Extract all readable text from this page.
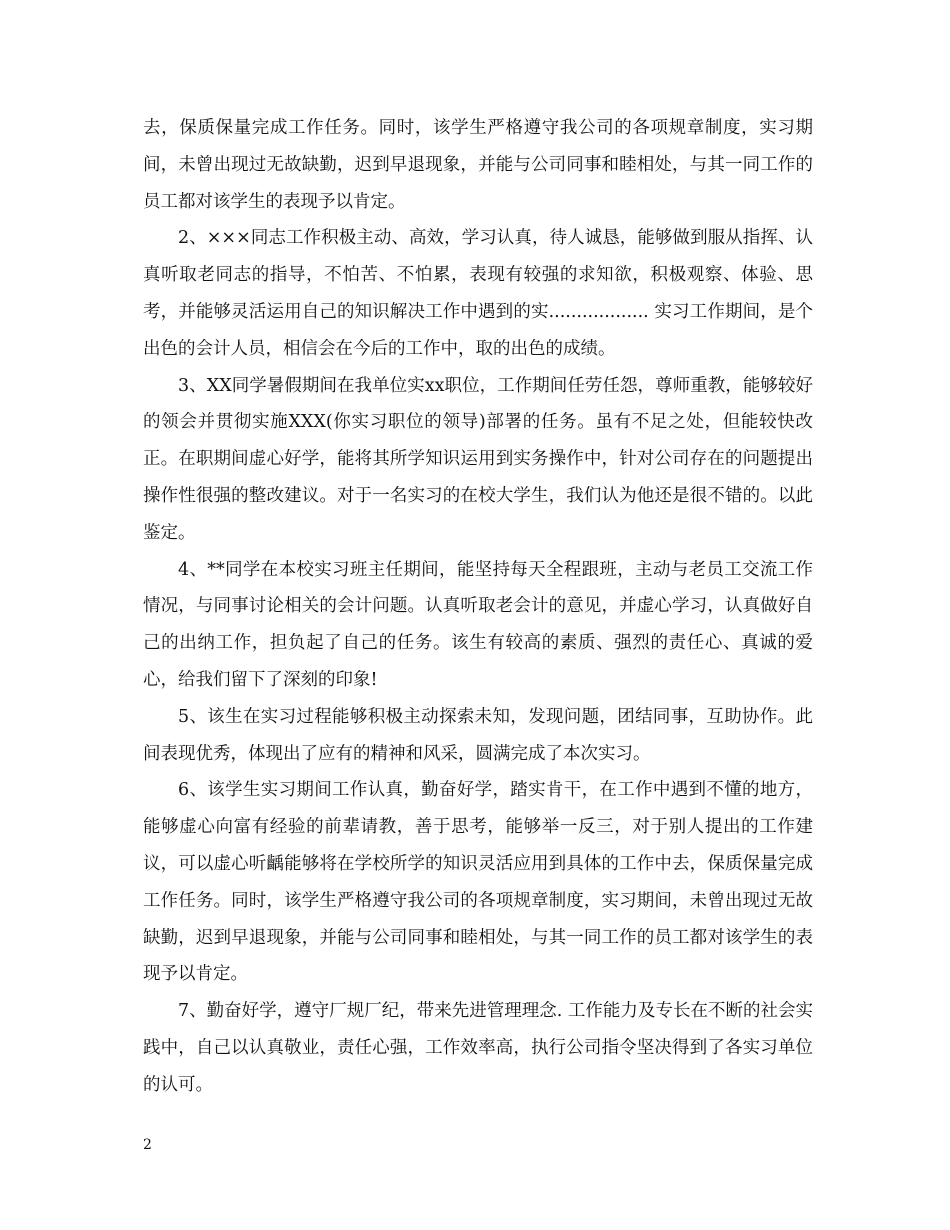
去，保质保量完成工作任务。同时，该学生严格遵守我公司的各项规章制度，实习期间，未曾出现过无故缺勤，迟到早退现象，并能与公司同事和睦相处，与其一同工作的员工都对该学生的表现予以肯定。

2、×××同志工作积极主动、高效，学习认真，待人诚恳，能够做到服从指挥、认真听取老同志的指导，不怕苦、不怕累，表现有较强的求知欲，积极观察、体验、思考，并能够灵活运用自己的知识解决工作中遇到的实.................. 实习工作期间，是个出色的会计人员，相信会在今后的工作中，取的出色的成绩。

3、XX同学暑假期间在我单位实xx职位，工作期间任劳任怨，尊师重教，能够较好的领会并贯彻实施XXX(你实习职位的领导)部署的任务。虽有不足之处，但能较快改正。在职期间虚心好学，能将其所学知识运用到实务操作中，针对公司存在的问题提出操作性很强的整改建议。对于一名实习的在校大学生，我们认为他还是很不错的。以此鉴定。

4、**同学在本校实习班主任期间，能坚持每天全程跟班，主动与老员工交流工作情况，与同事讨论相关的会计问题。认真听取老会计的意见，并虚心学习，认真做好自己的出纳工作，担负起了自己的任务。该生有较高的素质、强烈的责任心、真诚的爱心，给我们留下了深刻的印象!

5、该生在实习过程能够积极主动探索未知，发现问题，团结同事，互助协作。此间表现优秀，体现出了应有的精神和风采，圆满完成了本次实习。

6、该学生实习期间工作认真，勤奋好学，踏实肯干，在工作中遇到不懂的地方，能够虚心向富有经验的前辈请教，善于思考，能够举一反三，对于别人提出的工作建议，可以虚心听齲能够将在学校所学的知识灵活应用到具体的工作中去，保质保量完成工作任务。同时，该学生严格遵守我公司的各项规章制度，实习期间，未曾出现过无故缺勤，迟到早退现象，并能与公司同事和睦相处，与其一同工作的员工都对该学生的表现予以肯定。

7、勤奋好学，遵守厂规厂纪，带来先进管理理念. 工作能力及专长在不断的社会实践中，自己以认真敬业，责任心强，工作效率高，执行公司指令坚决得到了各实习单位的认可。

2
